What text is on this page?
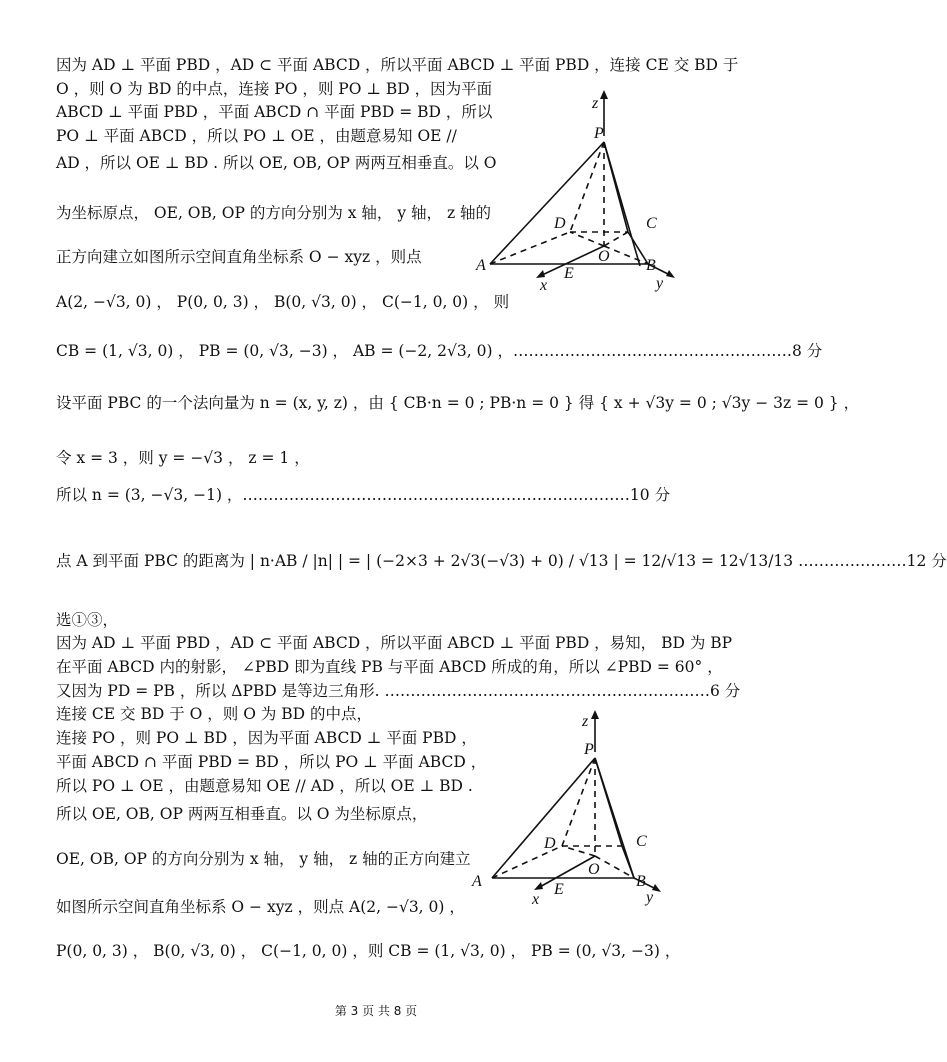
因为 AD ⊥ 平面 PBD ，AD ⊂ 平面 ABCD ，所以平面 ABCD ⊥ 平面 PBD ，连接 CE 交 BD 于
O ，则 O 为 BD 的中点，连接 PO ，则 PO ⊥ BD ，因为平面
ABCD ⊥ 平面 PBD ，平面 ABCD ∩ 平面 PBD = BD ，所以
PO ⊥ 平面 ABCD ，所以 PO ⊥ OE ，由题意易知 OE //
AD ，所以 OE ⊥ BD . 所以 OE, OB, OP 两两互相垂直。以 O
为坐标原点， OE, OB, OP 的方向分别为 x 轴， y 轴， z 轴的
正方向建立如图所示空间直角坐标系 O − xyz ，则点
A(2, −√3, 0) ， P(0, 0, 3) ， B(0, √3, 0) ， C(−1, 0, 0) ， 则
CB = (1, √3, 0) ， PB = (0, √3, −3) ， AB = (−2, 2√3, 0) ，………………………………………………8 分
设平面 PBC 的一个法向量为 n = (x, y, z) ，由 { CB·n = 0 ; PB·n = 0 } 得 { x + √3y = 0 ; √3y − 3z = 0 } ，
令 x = 3 ，则 y = −√3 ， z = 1 ，
所以 n = (3, −√3, −1) ，…………………………………………………………………10 分
点 A 到平面 PBC 的距离为 | n·AB / |n| | = | (−2×3 + 2√3(−√3) + 0) / √13 | = 12/√13 = 12√13/13 …………………12 分
选①③，
因为 AD ⊥ 平面 PBD ，AD ⊂ 平面 ABCD ，所以平面 ABCD ⊥ 平面 PBD ，易知， BD 为 BP
在平面 ABCD 内的射影， ∠PBD 即为直线 PB 与平面 ABCD 所成的角，所以 ∠PBD = 60° ，
又因为 PD = PB ，所以 ΔPBD 是等边三角形. ………………………………………………………6 分
连接 CE 交 BD 于 O ，则 O 为 BD 的中点，
连接 PO ，则 PO ⊥ BD ，因为平面 ABCD ⊥ 平面 PBD ，
平面 ABCD ∩ 平面 PBD = BD ，所以 PO ⊥ 平面 ABCD ，
所以 PO ⊥ OE ，由题意易知 OE // AD ，所以 OE ⊥ BD .
所以 OE, OB, OP 两两互相垂直。以 O 为坐标原点，
OE, OB, OP 的方向分别为 x 轴， y 轴， z 轴的正方向建立
如图所示空间直角坐标系 O − xyz ，则点 A(2, −√3, 0) ，
P(0, 0, 3) ， B(0, √3, 0) ， C(−1, 0, 0) ，则 CB = (1, √3, 0) ， PB = (0, √3, −3) ，
z
P
D	C
O
A	E	B
x	y
z
P
D	C
O
A	E	B
x	y
第 3 页 共 8 页
